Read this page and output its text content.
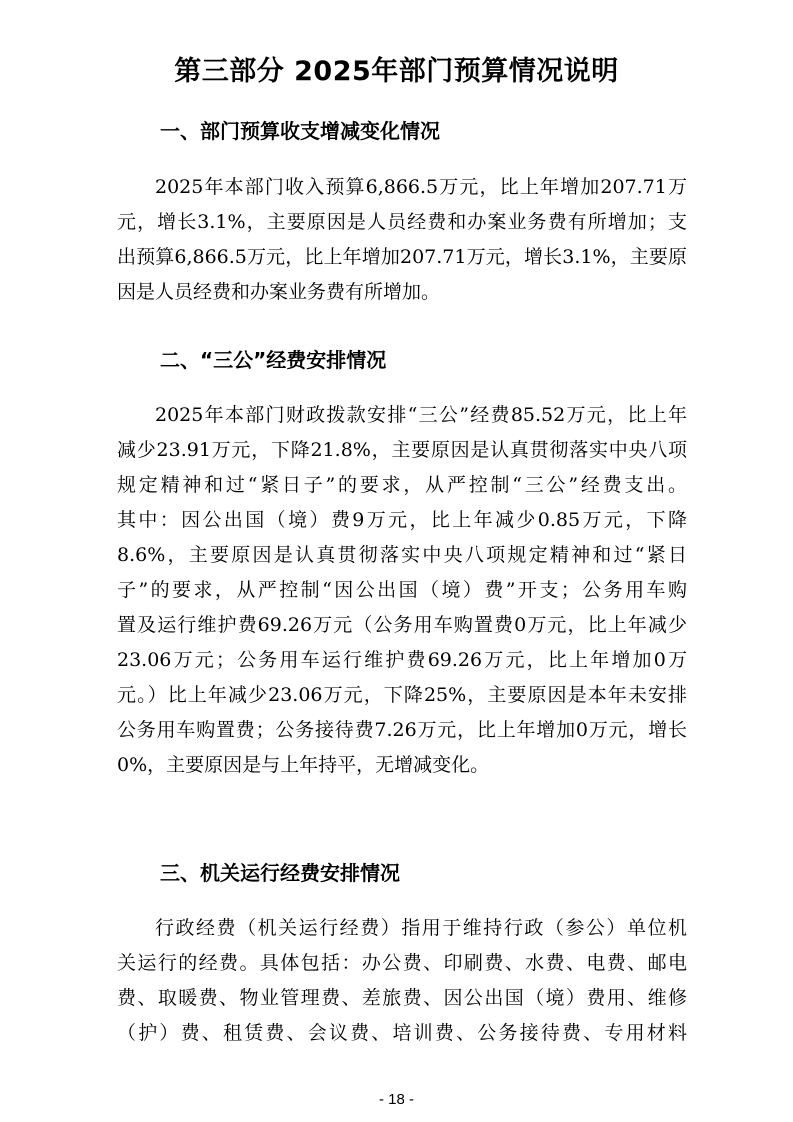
第三部分 2025年部门预算情况说明
一、部门预算收支增减变化情况
2025年本部门收入预算6,866.5万元，比上年增加207.71万
元，增长3.1%，主要原因是人员经费和办案业务费有所增加；支
出预算6,866.5万元，比上年增加207.71万元，增长3.1%，主要原
因是人员经费和办案业务费有所增加。
二、“三公”经费安排情况
2025年本部门财政拨款安排“三公”经费85.52万元，比上年
减少23.91万元，下降21.8%，主要原因是认真贯彻落实中央八项
规定精神和过“紧日子”的要求，从严控制“三公”经费支出。
其中：因公出国（境）费9万元，比上年减少0.85万元，下降
8.6%，主要原因是认真贯彻落实中央八项规定精神和过“紧日
子”的要求，从严控制“因公出国（境）费”开支；公务用车购
置及运行维护费69.26万元（公务用车购置费0万元，比上年减少
23.06万元；公务用车运行维护费69.26万元，比上年增加0万
元。）比上年减少23.06万元，下降25%，主要原因是本年未安排
公务用车购置费；公务接待费7.26万元，比上年增加0万元，增长
0%，主要原因是与上年持平，无增减变化。
三、机关运行经费安排情况
行政经费（机关运行经费）指用于维持行政（参公）单位机
关运行的经费。具体包括：办公费、印刷费、水费、电费、邮电
费、取暖费、物业管理费、差旅费、因公出国（境）费用、维修
（护）费、租赁费、会议费、培训费、公务接待费、专用材料
- 18 -
